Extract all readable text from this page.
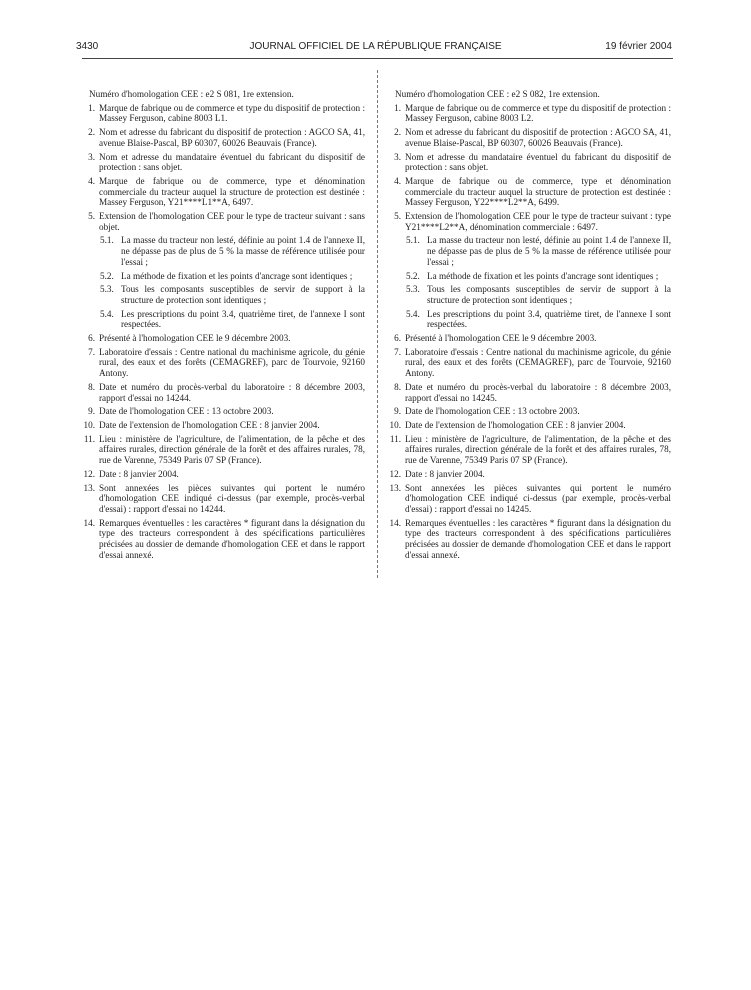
JOURNAL OFFICIEL DE LA RÉPUBLIQUE FRANÇAISE
3430	19 février 2004
Numéro d'homologation CEE : e2 S 081, 1re extension.
1. Marque de fabrique ou de commerce et type du dispositif de protection : Massey Ferguson, cabine 8003 L1.
2. Nom et adresse du fabricant du dispositif de protection : AGCO SA, 41, avenue Blaise-Pascal, BP 60307, 60026 Beauvais (France).
3. Nom et adresse du mandataire éventuel du fabricant du dispositif de protection : sans objet.
4. Marque de fabrique ou de commerce, type et dénomination commerciale du tracteur auquel la structure de protection est destinée : Massey Ferguson, Y21****L1**A, 6497.
5. Extension de l'homologation CEE pour le type de tracteur suivant : sans objet.
5.1. La masse du tracteur non lesté, définie au point 1.4 de l'annexe II, ne dépasse pas de plus de 5 % la masse de référence utilisée pour l'essai ;
5.2. La méthode de fixation et les points d'ancrage sont identiques ;
5.3. Tous les composants susceptibles de servir de support à la structure de protection sont identiques ;
5.4. Les prescriptions du point 3.4, quatrième tiret, de l'annexe I sont respectées.
6. Présenté à l'homologation CEE le 9 décembre 2003.
7. Laboratoire d'essais : Centre national du machinisme agricole, du génie rural, des eaux et des forêts (CEMAGREF), parc de Tourvoie, 92160 Antony.
8. Date et numéro du procès-verbal du laboratoire : 8 décembre 2003, rapport d'essai no 14244.
9. Date de l'homologation CEE : 13 octobre 2003.
10. Date de l'extension de l'homologation CEE : 8 janvier 2004.
11. Lieu : ministère de l'agriculture, de l'alimentation, de la pêche et des affaires rurales, direction générale de la forêt et des affaires rurales, 78, rue de Varenne, 75349 Paris 07 SP (France).
12. Date : 8 janvier 2004.
13. Sont annexées les pièces suivantes qui portent le numéro d'homologation CEE indiqué ci-dessus (par exemple, procès-verbal d'essai) : rapport d'essai no 14244.
14. Remarques éventuelles : les caractères * figurant dans la désignation du type des tracteurs correspondent à des spécifications particulières précisées au dossier de demande d'homologation CEE et dans le rapport d'essai annexé.
Numéro d'homologation CEE : e2 S 082, 1re extension.
1. Marque de fabrique ou de commerce et type du dispositif de protection : Massey Ferguson, cabine 8003 L2.
2. Nom et adresse du fabricant du dispositif de protection : AGCO SA, 41, avenue Blaise-Pascal, BP 60307, 60026 Beauvais (France).
3. Nom et adresse du mandataire éventuel du fabricant du dispositif de protection : sans objet.
4. Marque de fabrique ou de commerce, type et dénomination commerciale du tracteur auquel la structure de protection est destinée : Massey Ferguson, Y22****L2**A, 6499.
5. Extension de l'homologation CEE pour le type de tracteur suivant : type Y21****L2**A, dénomination commerciale : 6497.
5.1. La masse du tracteur non lesté, définie au point 1.4 de l'annexe II, ne dépasse pas de plus de 5 % la masse de référence utilisée pour l'essai ;
5.2. La méthode de fixation et les points d'ancrage sont identiques ;
5.3. Tous les composants susceptibles de servir de support à la structure de protection sont identiques ;
5.4. Les prescriptions du point 3.4, quatrième tiret, de l'annexe I sont respectées.
6. Présenté à l'homologation CEE le 9 décembre 2003.
7. Laboratoire d'essais : Centre national du machinisme agricole, du génie rural, des eaux et des forêts (CEMAGREF), parc de Tourvoie, 92160 Antony.
8. Date et numéro du procès-verbal du laboratoire : 8 décembre 2003, rapport d'essai no 14245.
9. Date de l'homologation CEE : 13 octobre 2003.
10. Date de l'extension de l'homologation CEE : 8 janvier 2004.
11. Lieu : ministère de l'agriculture, de l'alimentation, de la pêche et des affaires rurales, direction générale de la forêt et des affaires rurales, 78, rue de Varenne, 75349 Paris 07 SP (France).
12. Date : 8 janvier 2004.
13. Sont annexées les pièces suivantes qui portent le numéro d'homologation CEE indiqué ci-dessus (par exemple, procès-verbal d'essai) : rapport d'essai no 14245.
14. Remarques éventuelles : les caractères * figurant dans la désignation du type des tracteurs correspondent à des spécifications particulières précisées au dossier de demande d'homologation CEE et dans le rapport d'essai annexé.
